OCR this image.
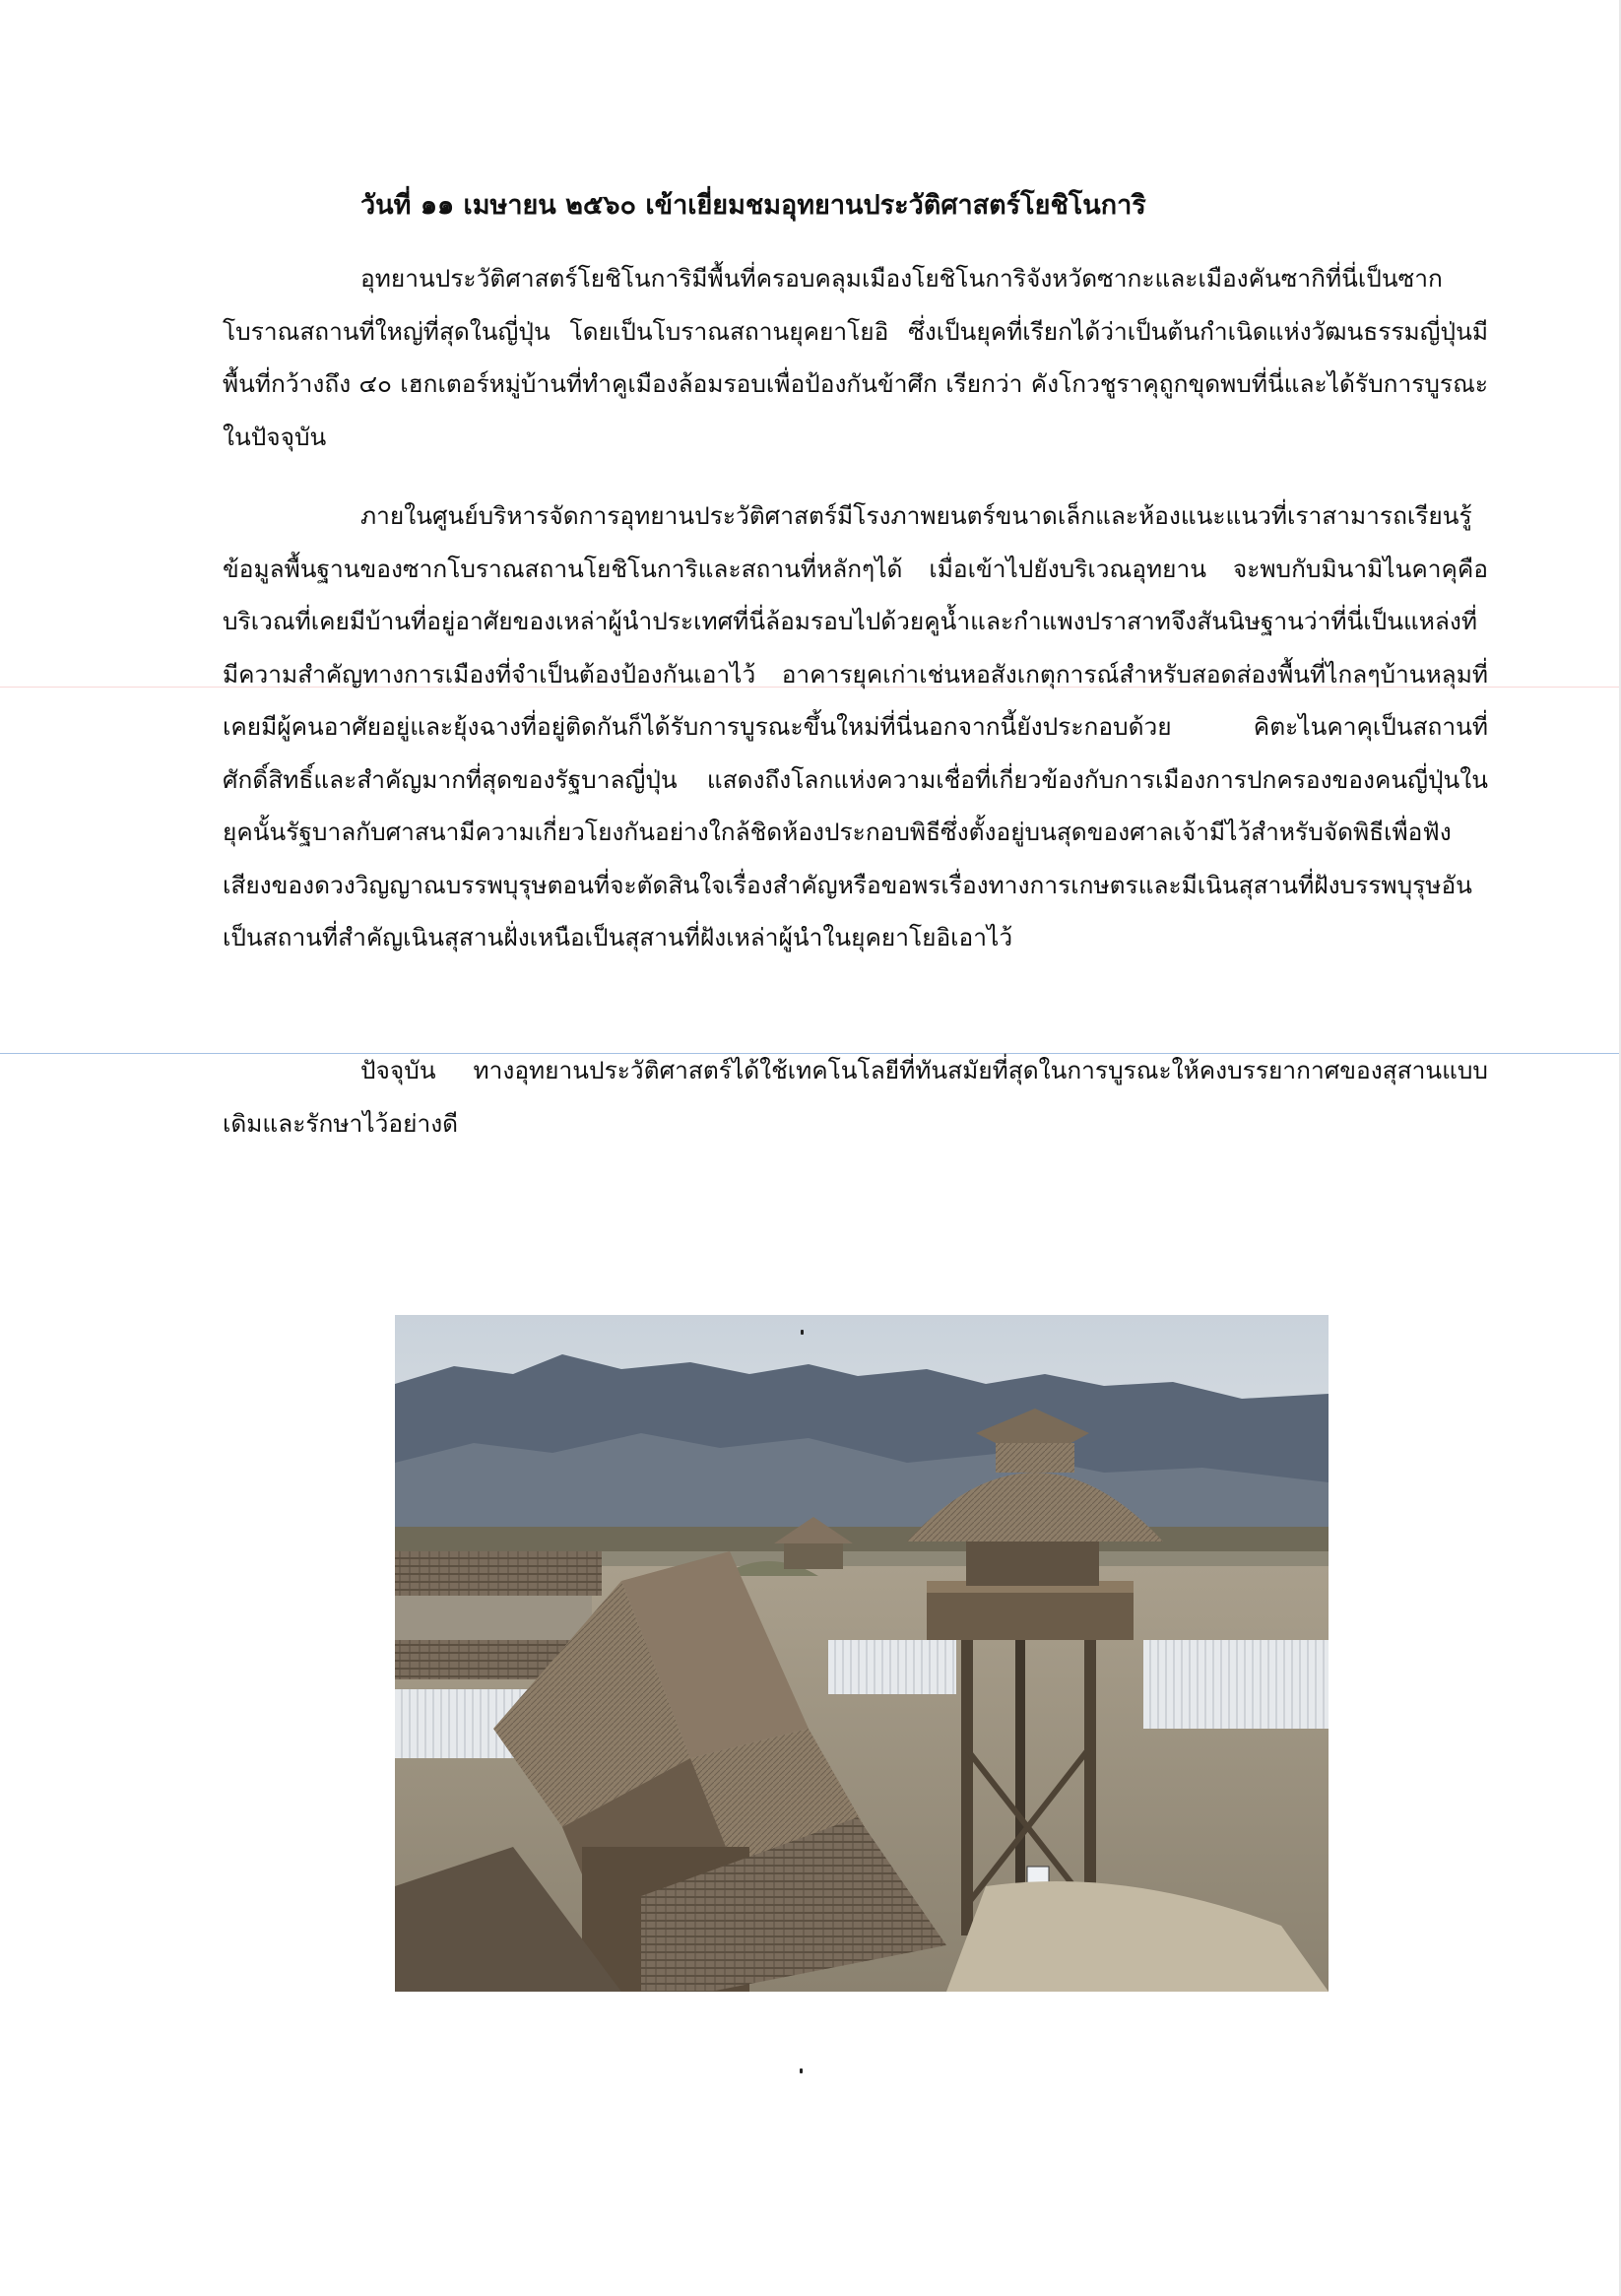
วันที่ ๑๑ เมษายน ๒๕๖๐ เข้าเยี่ยมชมอุทยานประวัติศาสตร์โยชิโนการิ

อุทยานประวัติศาสตร์โยชิโนการิมีพื้นที่ครอบคลุมเมืองโยชิโนการิจังหวัดซากะและเมืองคันซากิที่นี่เป็นซากโบราณสถานที่ใหญ่ที่สุดในญี่ปุ่น โดยเป็นโบราณสถานยุคยาโยอิ ซึ่งเป็นยุคที่เรียกได้ว่าเป็นต้นกำเนิดแห่งวัฒนธรรมญี่ปุ่นมีพื้นที่กว้างถึง ๔๐ เฮกเตอร์หมู่บ้านที่ทำคูเมืองล้อมรอบเพื่อป้องกันข้าศึก เรียกว่า คังโกวชูราคุถูกขุดพบที่นี่และได้รับการบูรณะในปัจจุบัน

ภายในศูนย์บริหารจัดการอุทยานประวัติศาสตร์มีโรงภาพยนตร์ขนาดเล็กและห้องแนะแนวที่เราสามารถเรียนรู้ข้อมูลพื้นฐานของซากโบราณสถานโยชิโนการิและสถานที่หลักๆได้ เมื่อเข้าไปยังบริเวณอุทยาน จะพบกับมินามิไนคาคุคือบริเวณที่เคยมีบ้านที่อยู่อาศัยของเหล่าผู้นำประเทศที่นี่ล้อมรอบไปด้วยคูน้ำและกำแพงปราสาทจึงสันนิษฐานว่าที่นี่เป็นแหล่งที่มีความสำคัญทางการเมืองที่จำเป็นต้องป้องกันเอาไว้ อาคารยุคเก่าเช่นหอสังเกตุการณ์สำหรับสอดส่องพื้นที่ไกลๆบ้านหลุมที่เคยมีผู้คนอาศัยอยู่และยุ้งฉางที่อยู่ติดกันก็ได้รับการบูรณะขึ้นใหม่ที่นี่นอกจากนี้ยังประกอบด้วย คิตะไนคาคุเป็นสถานที่ศักดิ์สิทธิ์และสำคัญมากที่สุดของรัฐบาลญี่ปุ่น แสดงถึงโลกแห่งความเชื่อที่เกี่ยวข้องกับการเมืองการปกครองของคนญี่ปุ่นในยุคนั้นรัฐบาลกับศาสนามีความเกี่ยวโยงกันอย่างใกล้ชิดห้องประกอบพิธีซึ่งตั้งอยู่บนสุดของศาลเจ้ามีไว้สำหรับจัดพิธีเพื่อฟังเสียงของดวงวิญญาณบรรพบุรุษตอนที่จะตัดสินใจเรื่องสำคัญหรือขอพรเรื่องทางการเกษตรและมีเนินสุสานที่ฝังบรรพบุรุษอันเป็นสถานที่สำคัญเนินสุสานฝั่งเหนือเป็นสุสานที่ฝังเหล่าผู้นำในยุคยาโยอิเอาไว้

ปัจจุบัน ทางอุทยานประวัติศาสตร์ได้ใช้เทคโนโลยีที่ทันสมัยที่สุดในการบูรณะให้คงบรรยากาศของสุสานแบบเดิมและรักษาไว้อย่างดี
